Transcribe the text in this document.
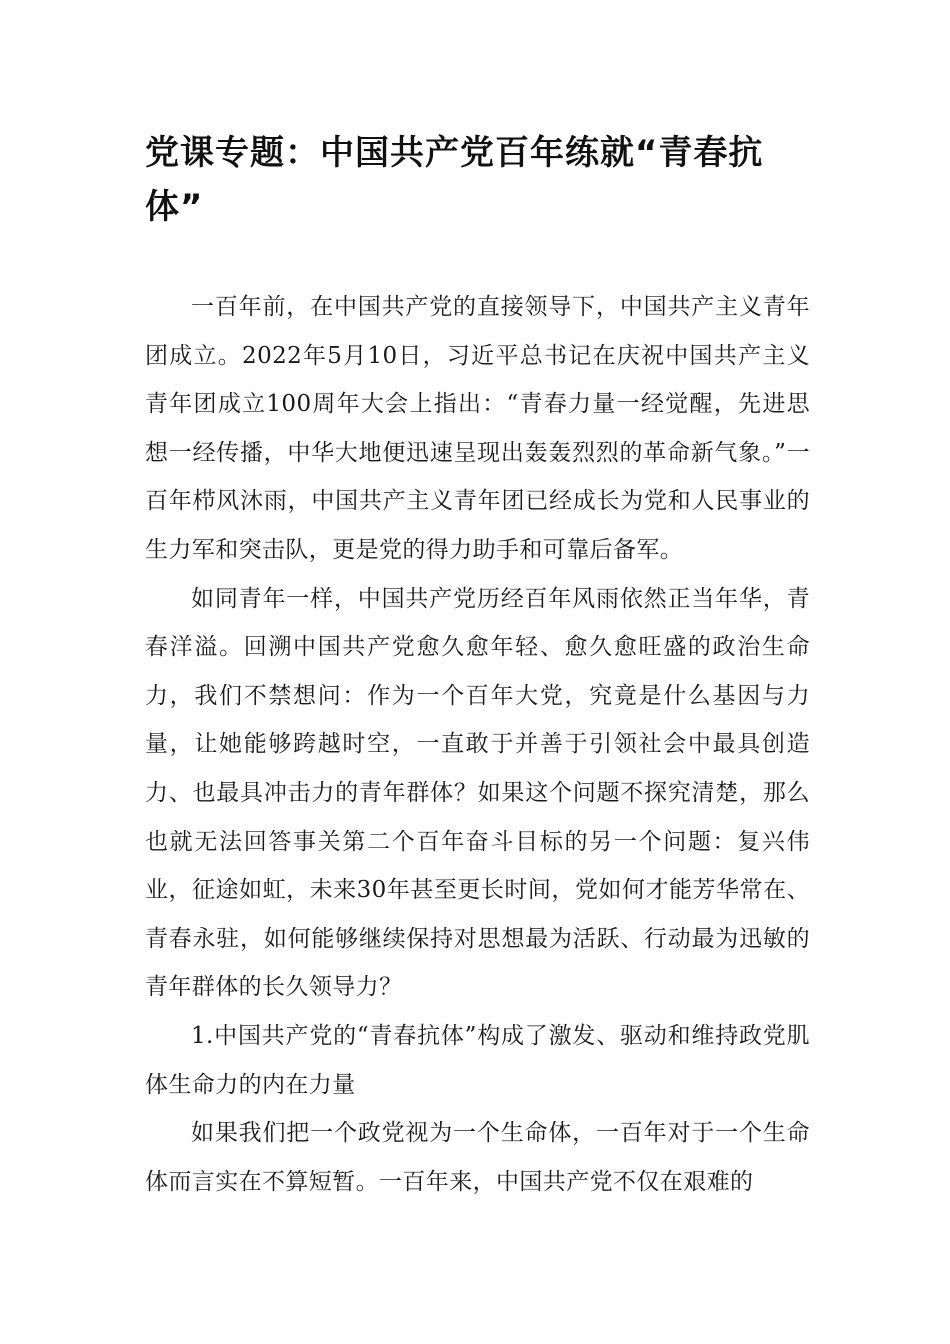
党课专题：中国共产党百年练就“青春抗体”

一百年前，在中国共产党的直接领导下，中国共产主义青年团成立。2022年5月10日，习近平总书记在庆祝中国共产主义青年团成立100周年大会上指出：“青春力量一经觉醒，先进思想一经传播，中华大地便迅速呈现出轰轰烈烈的革命新气象。”一百年栉风沐雨，中国共产主义青年团已经成长为党和人民事业的生力军和突击队，更是党的得力助手和可靠后备军。

如同青年一样，中国共产党历经百年风雨依然正当年华，青春洋溢。回溯中国共产党愈久愈年轻、愈久愈旺盛的政治生命力，我们不禁想问：作为一个百年大党，究竟是什么基因与力量，让她能够跨越时空，一直敢于并善于引领社会中最具创造力、也最具冲击力的青年群体？如果这个问题不探究清楚，那么也就无法回答事关第二个百年奋斗目标的另一个问题：复兴伟业，征途如虹，未来30年甚至更长时间，党如何才能芳华常在、青春永驻，如何能够继续保持对思想最为活跃、行动最为迅敏的青年群体的长久领导力？

1.中国共产党的“青春抗体”构成了激发、驱动和维持政党肌体生命力的内在力量

如果我们把一个政党视为一个生命体，一百年对于一个生命体而言实在不算短暂。一百年来，中国共产党不仅在艰难的
